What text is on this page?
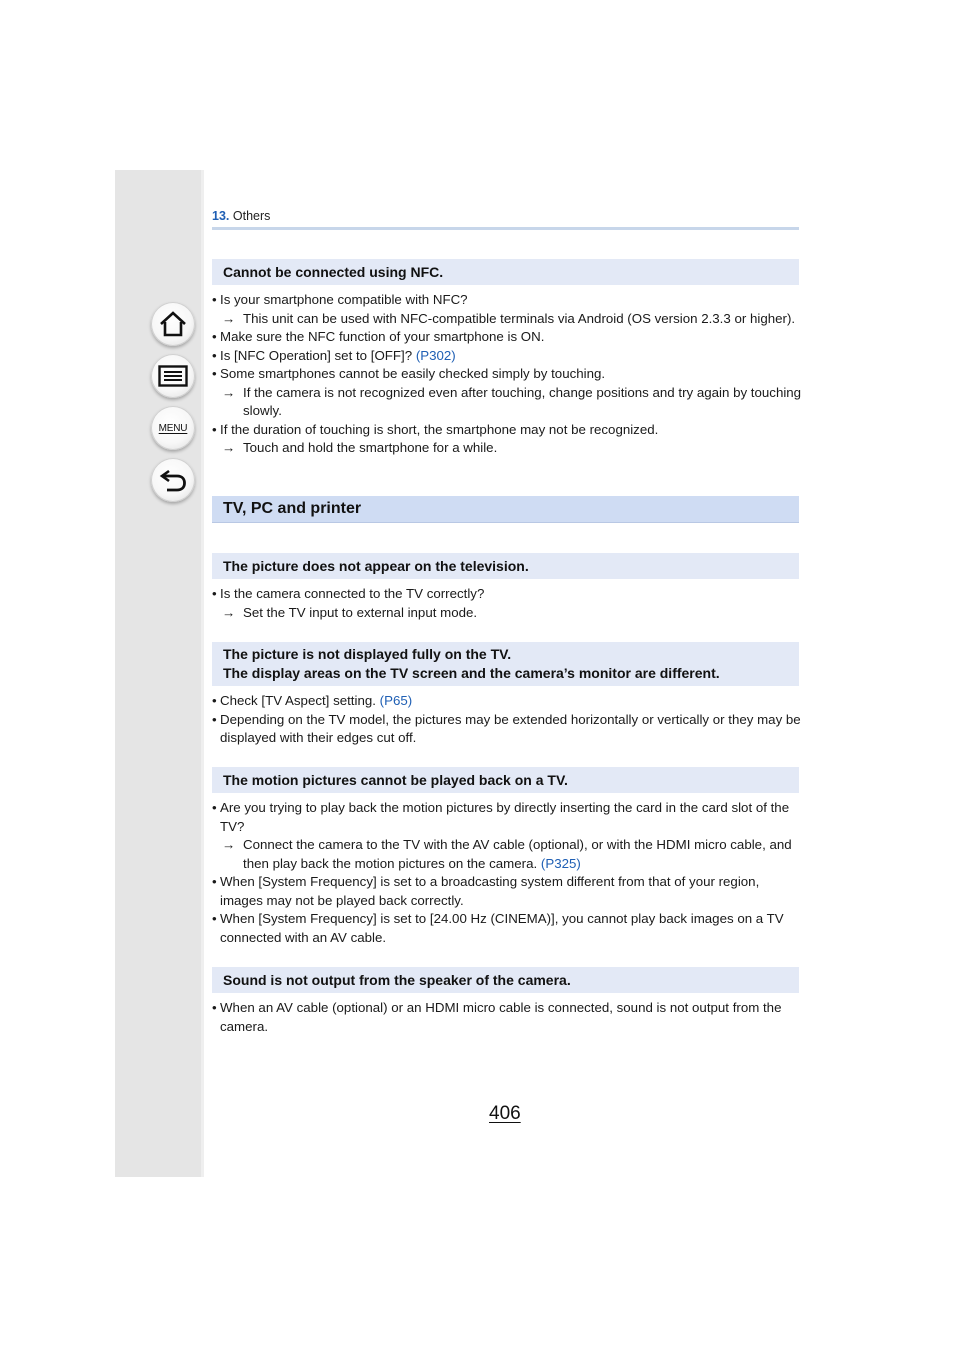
MENU
13. Others
Cannot be connected using NFC.
• Is your smartphone compatible with NFC?
→ This unit can be used with NFC-compatible terminals via Android (OS version 2.3.3 or higher).
• Make sure the NFC function of your smartphone is ON.
• Is [NFC Operation] set to [OFF]? (P302)
• Some smartphones cannot be easily checked simply by touching.
→ If the camera is not recognized even after touching, change positions and try again by touching slowly.
• If the duration of touching is short, the smartphone may not be recognized.
→ Touch and hold the smartphone for a while.
TV, PC and printer
The picture does not appear on the television.
• Is the camera connected to the TV correctly?
→ Set the TV input to external input mode.
The picture is not displayed fully on the TV.
The display areas on the TV screen and the camera’s monitor are different.
• Check [TV Aspect] setting. (P65)
• Depending on the TV model, the pictures may be extended horizontally or vertically or they may be displayed with their edges cut off.
The motion pictures cannot be played back on a TV.
• Are you trying to play back the motion pictures by directly inserting the card in the card slot of the TV?
→ Connect the camera to the TV with the AV cable (optional), or with the HDMI micro cable, and then play back the motion pictures on the camera. (P325)
• When [System Frequency] is set to a broadcasting system different from that of your region, images may not be played back correctly.
• When [System Frequency] is set to [24.00 Hz (CINEMA)], you cannot play back images on a TV connected with an AV cable.
Sound is not output from the speaker of the camera.
• When an AV cable (optional) or an HDMI micro cable is connected, sound is not output from the camera.
406
